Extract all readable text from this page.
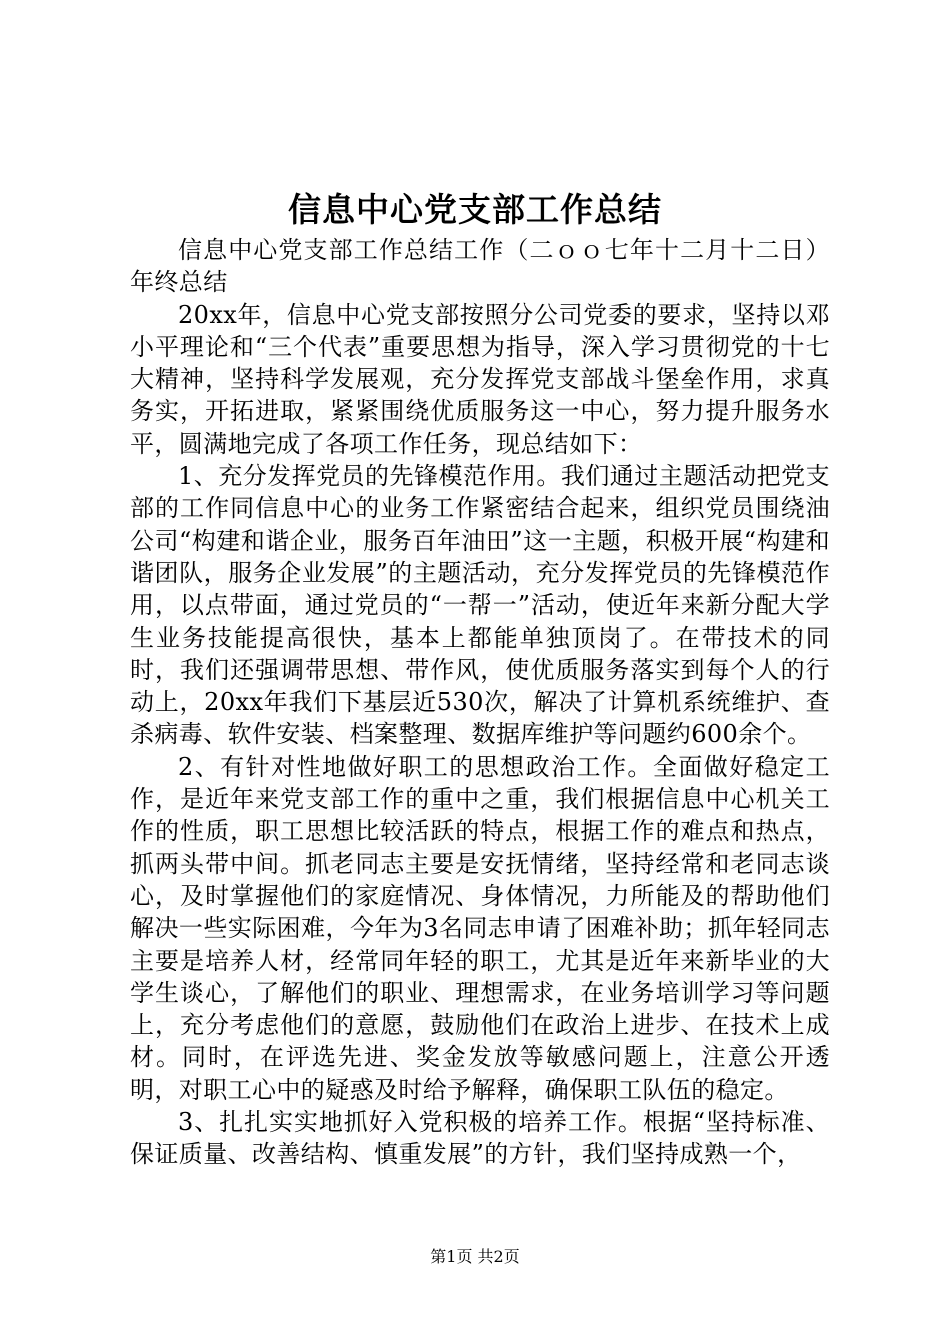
信息中心党支部工作总结

信息中心党支部工作总结工作（二ｏｏ七年十二月十二日）年终总结

20xx年，信息中心党支部按照分公司党委的要求，坚持以邓小平理论和“三个代表”重要思想为指导，深入学习贯彻党的十七大精神，坚持科学发展观，充分发挥党支部战斗堡垒作用，求真务实，开拓进取，紧紧围绕优质服务这一中心，努力提升服务水平，圆满地完成了各项工作任务，现总结如下：

1、充分发挥党员的先锋模范作用。我们通过主题活动把党支部的工作同信息中心的业务工作紧密结合起来，组织党员围绕油公司“构建和谐企业，服务百年油田”这一主题，积极开展“构建和谐团队，服务企业发展”的主题活动，充分发挥党员的先锋模范作用，以点带面，通过党员的“一帮一”活动，使近年来新分配大学生业务技能提高很快，基本上都能单独顶岗了。在带技术的同时，我们还强调带思想、带作风，使优质服务落实到每个人的行动上，20xx年我们下基层近530次，解决了计算机系统维护、查杀病毒、软件安装、档案整理、数据库维护等问题约600余个。

2、有针对性地做好职工的思想政治工作。全面做好稳定工作，是近年来党支部工作的重中之重，我们根据信息中心机关工作的性质，职工思想比较活跃的特点，根据工作的难点和热点，抓两头带中间。抓老同志主要是安抚情绪，坚持经常和老同志谈心，及时掌握他们的家庭情况、身体情况，力所能及的帮助他们解决一些实际困难，今年为3名同志申请了困难补助；抓年轻同志主要是培养人材，经常同年轻的职工，尤其是近年来新毕业的大学生谈心，了解他们的职业、理想需求，在业务培训学习等问题上，充分考虑他们的意愿，鼓励他们在政治上进步、在技术上成材。同时，在评选先进、奖金发放等敏感问题上，注意公开透明，对职工心中的疑惑及时给予解释，确保职工队伍的稳定。

3、扎扎实实地抓好入党积极的培养工作。根据“坚持标准、保证质量、改善结构、慎重发展”的方针，我们坚持成熟一个，

第1页 共2页
